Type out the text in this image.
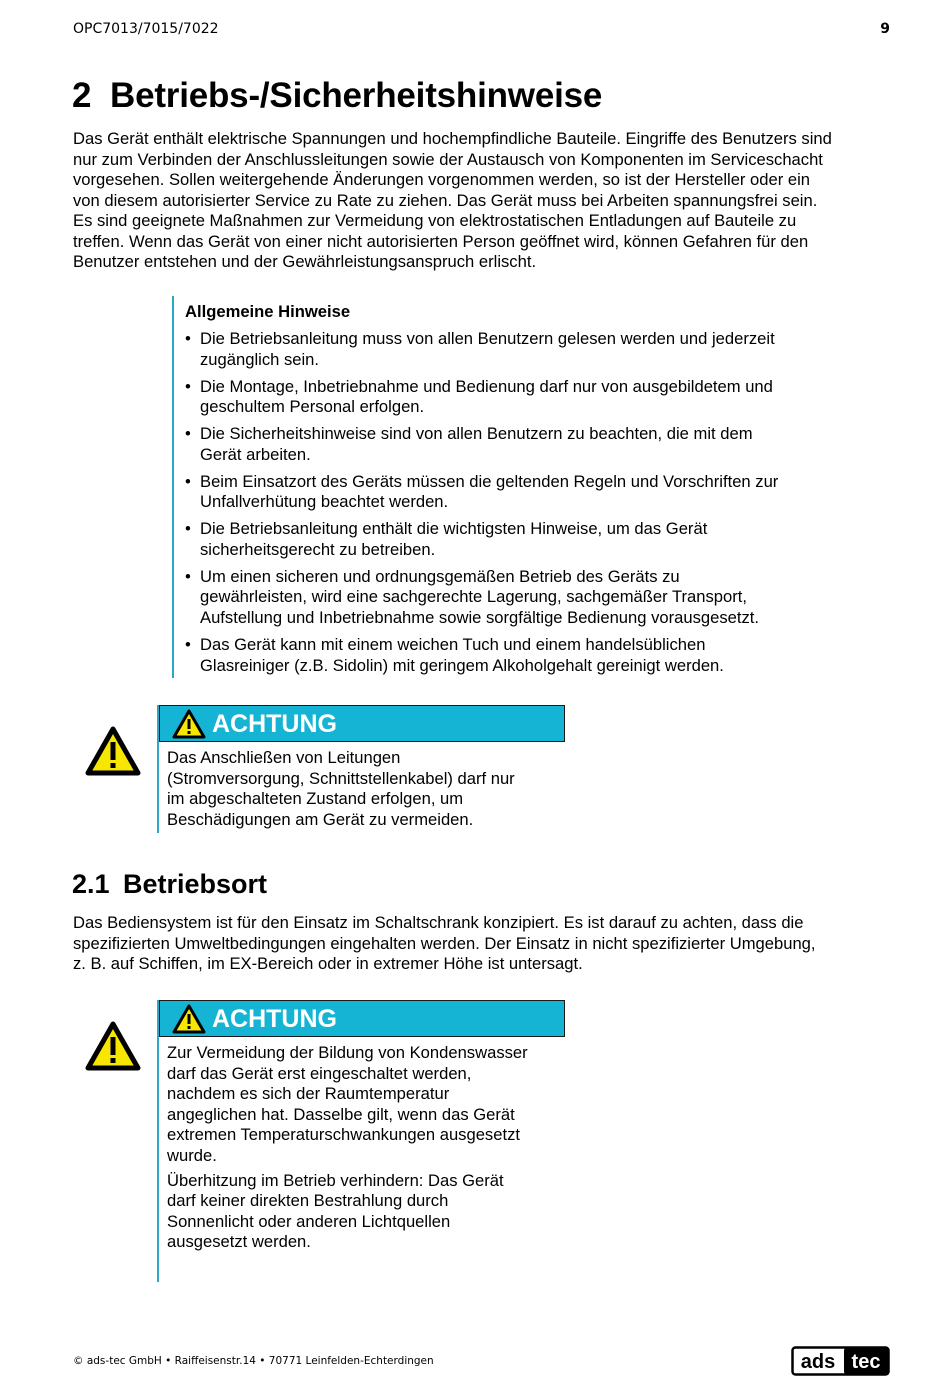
OPC7013/7015/7022	9
2 Betriebs-/Sicherheitshinweise
Das Gerät enthält elektrische Spannungen und hochempfindliche Bauteile. Eingriffe des Benutzers sind
nur zum Verbinden der Anschlussleitungen sowie der Austausch von Komponenten im Serviceschacht
vorgesehen. Sollen weitergehende Änderungen vorgenommen werden, so ist der Hersteller oder ein
von diesem autorisierter Service zu Rate zu ziehen. Das Gerät muss bei Arbeiten spannungsfrei sein.
Es sind geeignete Maßnahmen zur Vermeidung von elektrostatischen Entladungen auf Bauteile zu
treffen. Wenn das Gerät von einer nicht autorisierten Person geöffnet wird, können Gefahren für den
Benutzer entstehen und der Gewährleistungsanspruch erlischt.
Allgemeine Hinweise
• Die Betriebsanleitung muss von allen Benutzern gelesen werden und jederzeit
zugänglich sein.
• Die Montage, Inbetriebnahme und Bedienung darf nur von ausgebildetem und
geschultem Personal erfolgen.
• Die Sicherheitshinweise sind von allen Benutzern zu beachten, die mit dem
Gerät arbeiten.
• Beim Einsatzort des Geräts müssen die geltenden Regeln und Vorschriften zur
Unfallverhütung beachtet werden.
• Die Betriebsanleitung enthält die wichtigsten Hinweise, um das Gerät
sicherheitsgerecht zu betreiben.
• Um einen sicheren und ordnungsgemäßen Betrieb des Geräts zu
gewährleisten, wird eine sachgerechte Lagerung, sachgemäßer Transport,
Aufstellung und Inbetriebnahme sowie sorgfältige Bedienung vorausgesetzt.
• Das Gerät kann mit einem weichen Tuch und einem handelsüblichen
Glasreiniger (z.B. Sidolin) mit geringem Alkoholgehalt gereinigt werden.
ACHTUNG
Das Anschließen von Leitungen
(Stromversorgung, Schnittstellenkabel) darf nur
im abgeschalteten Zustand erfolgen, um
Beschädigungen am Gerät zu vermeiden.
2.1 Betriebsort
Das Bediensystem ist für den Einsatz im Schaltschrank konzipiert. Es ist darauf zu achten, dass die
spezifizierten Umweltbedingungen eingehalten werden. Der Einsatz in nicht spezifizierter Umgebung,
z. B. auf Schiffen, im EX-Bereich oder in extremer Höhe ist untersagt.
ACHTUNG

Zur Vermeidung der Bildung von Kondenswasser
darf das Gerät erst eingeschaltet werden,
nachdem es sich der Raumtemperatur
angeglichen hat. Dasselbe gilt, wenn das Gerät
extremen Temperaturschwankungen ausgesetzt
wurde.

Überhitzung im Betrieb verhindern: Das Gerät
darf keiner direkten Bestrahlung durch
Sonnenlicht oder anderen Lichtquellen
ausgesetzt werden.

© ads-tec GmbH • Raiffeisenstr.14 • 70771 Leinfelden-Echterdingen	ads tec
